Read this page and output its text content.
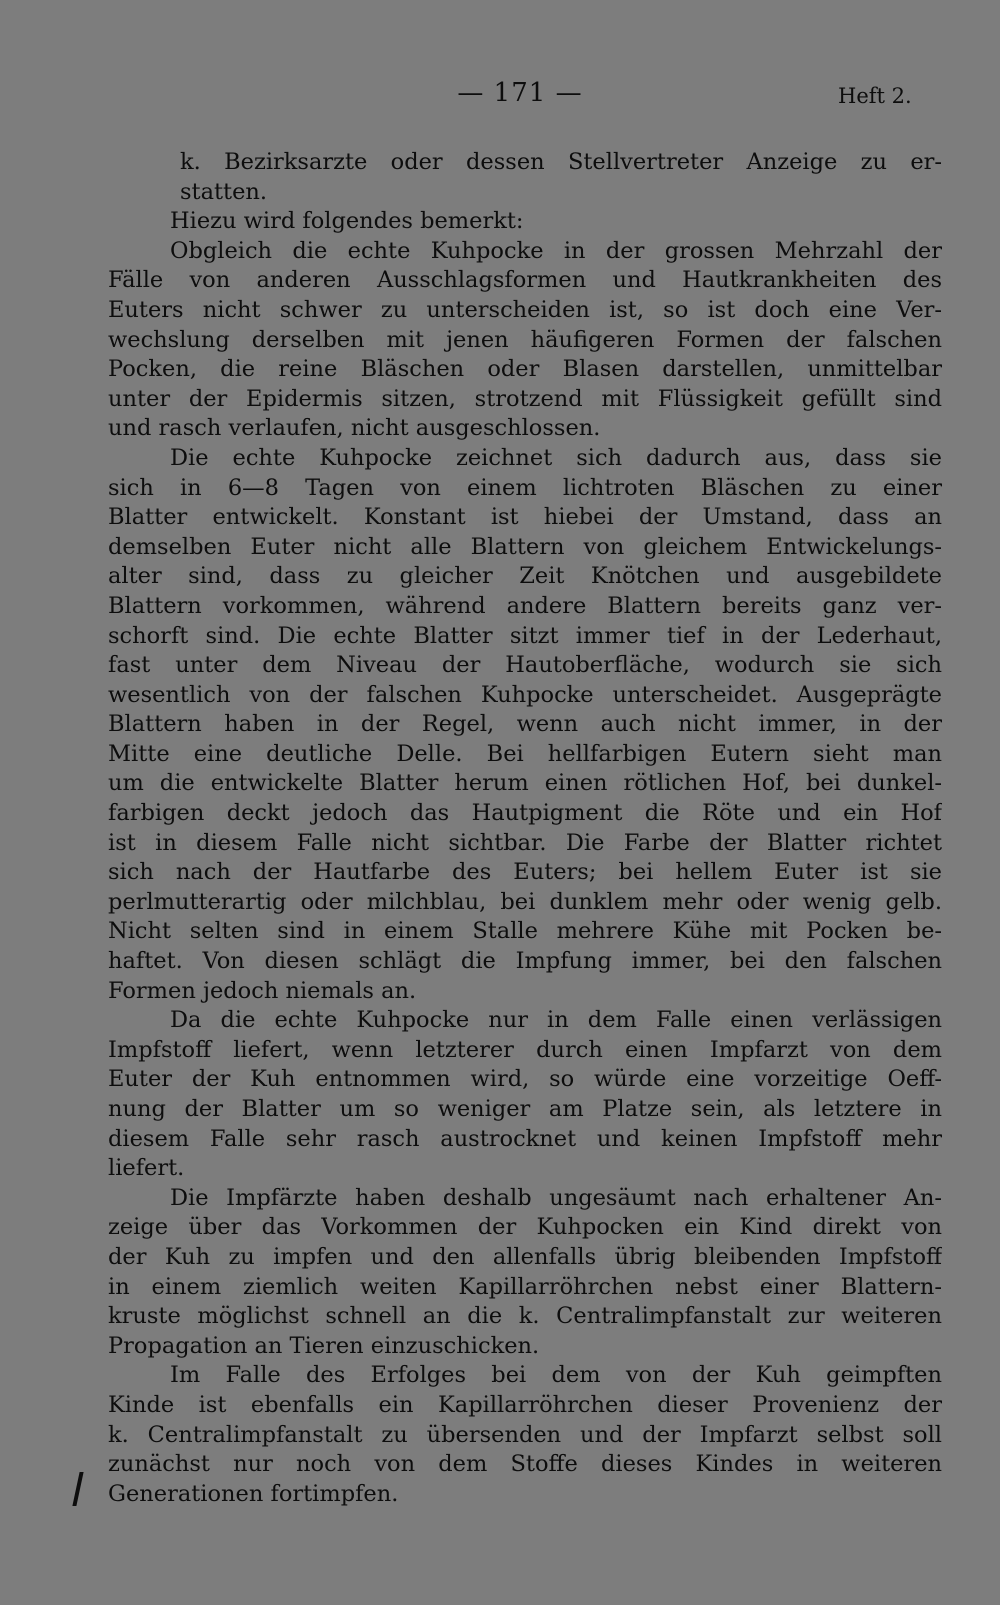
— 171 —	Heft 2.
k. Bezirksarzte oder dessen Stellvertreter Anzeige zu er-
statten.
Hiezu wird folgendes bemerkt:
Obgleich die echte Kuhpocke in der grossen Mehrzahl der
Fälle von anderen Ausschlagsformen und Hautkrankheiten des
Euters nicht schwer zu unterscheiden ist, so ist doch eine Ver-
wechslung derselben mit jenen häufigeren Formen der falschen
Pocken, die reine Bläschen oder Blasen darstellen, unmittelbar
unter der Epidermis sitzen, strotzend mit Flüssigkeit gefüllt sind
und rasch verlaufen, nicht ausgeschlossen.
Die echte Kuhpocke zeichnet sich dadurch aus, dass sie
sich in 6—8 Tagen von einem lichtroten Bläschen zu einer
Blatter entwickelt. Konstant ist hiebei der Umstand, dass an
demselben Euter nicht alle Blattern von gleichem Entwickelungs-
alter sind, dass zu gleicher Zeit Knötchen und ausgebildete
Blattern vorkommen, während andere Blattern bereits ganz ver-
schorft sind. Die echte Blatter sitzt immer tief in der Lederhaut,
fast unter dem Niveau der Hautoberfläche, wodurch sie sich
wesentlich von der falschen Kuhpocke unterscheidet. Ausgeprägte
Blattern haben in der Regel, wenn auch nicht immer, in der
Mitte eine deutliche Delle. Bei hellfarbigen Eutern sieht man
um die entwickelte Blatter herum einen rötlichen Hof, bei dunkel-
farbigen deckt jedoch das Hautpigment die Röte und ein Hof
ist in diesem Falle nicht sichtbar. Die Farbe der Blatter richtet
sich nach der Hautfarbe des Euters; bei hellem Euter ist sie
perlmutterartig oder milchblau, bei dunklem mehr oder wenig gelb.
Nicht selten sind in einem Stalle mehrere Kühe mit Pocken be-
haftet. Von diesen schlägt die Impfung immer, bei den falschen
Formen jedoch niemals an.
Da die echte Kuhpocke nur in dem Falle einen verlässigen
Impfstoff liefert, wenn letzterer durch einen Impfarzt von dem
Euter der Kuh entnommen wird, so würde eine vorzeitige Oeff-
nung der Blatter um so weniger am Platze sein, als letztere in
diesem Falle sehr rasch austrocknet und keinen Impfstoff mehr
liefert.
Die Impfärzte haben deshalb ungesäumt nach erhaltener An-
zeige über das Vorkommen der Kuhpocken ein Kind direkt von
der Kuh zu impfen und den allenfalls übrig bleibenden Impfstoff
in einem ziemlich weiten Kapillarröhrchen nebst einer Blattern-
kruste möglichst schnell an die k. Centralimpfanstalt zur weiteren
Propagation an Tieren einzuschicken.
Im Falle des Erfolges bei dem von der Kuh geimpften
Kinde ist ebenfalls ein Kapillarröhrchen dieser Provenienz der
k. Centralimpfanstalt zu übersenden und der Impfarzt selbst soll
zunächst nur noch von dem Stoffe dieses Kindes in weiteren
Generationen fortimpfen.
